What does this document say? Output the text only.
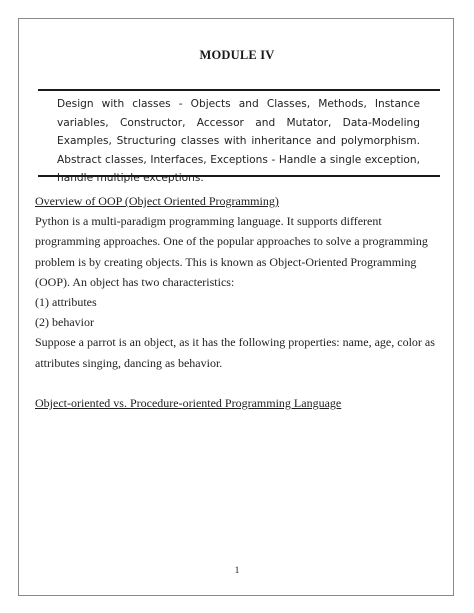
MODULE IV
Design with classes - Objects and Classes, Methods, Instance variables, Constructor, Accessor and Mutator, Data-Modeling Examples, Structuring classes with inheritance and polymorphism. Abstract classes, Interfaces, Exceptions - Handle a single exception, handle multiple exceptions.

Overview of OOP (Object Oriented Programming)

Python is a multi-paradigm programming language. It supports different programming approaches. One of the popular approaches to solve a programming problem is by creating objects. This is known as Object-Oriented Programming (OOP). An object has two characteristics:

(1) attributes

(2) behavior

Suppose a parrot is an object, as it has the following properties: name, age, color as attributes singing, dancing as behavior.

Object-oriented vs. Procedure-oriented Programming Language

1
